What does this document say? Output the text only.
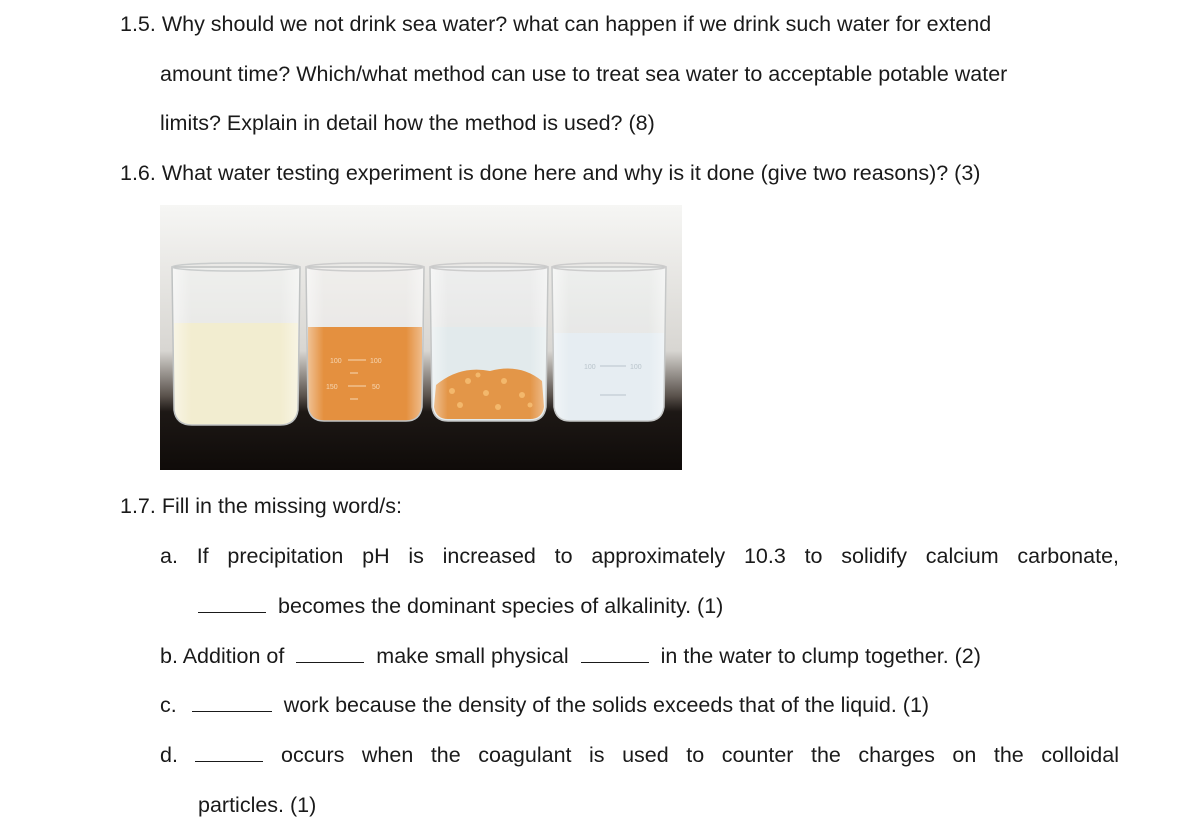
1.5. Why should we not drink sea water? what can happen if we drink such water for extend
amount time? Which/what method can use to treat sea water to acceptable potable water
limits? Explain in detail how the method is used? (8)
1.6. What water testing experiment is done here and why is it done (give two reasons)? (3)
100	100
150	50
100	100
1.7. Fill in the missing word/s:
a. If precipitation pH is increased to approximately 10.3 to solidify calcium carbonate,
becomes the dominant species of alkalinity. (1)
b. Addition of	make small physical	in the water to clump together. (2)
c.	work because the density of the solids exceeds that of the liquid. (1)
d.	occurs when the coagulant is used to counter the charges on the colloidal
particles. (1)
